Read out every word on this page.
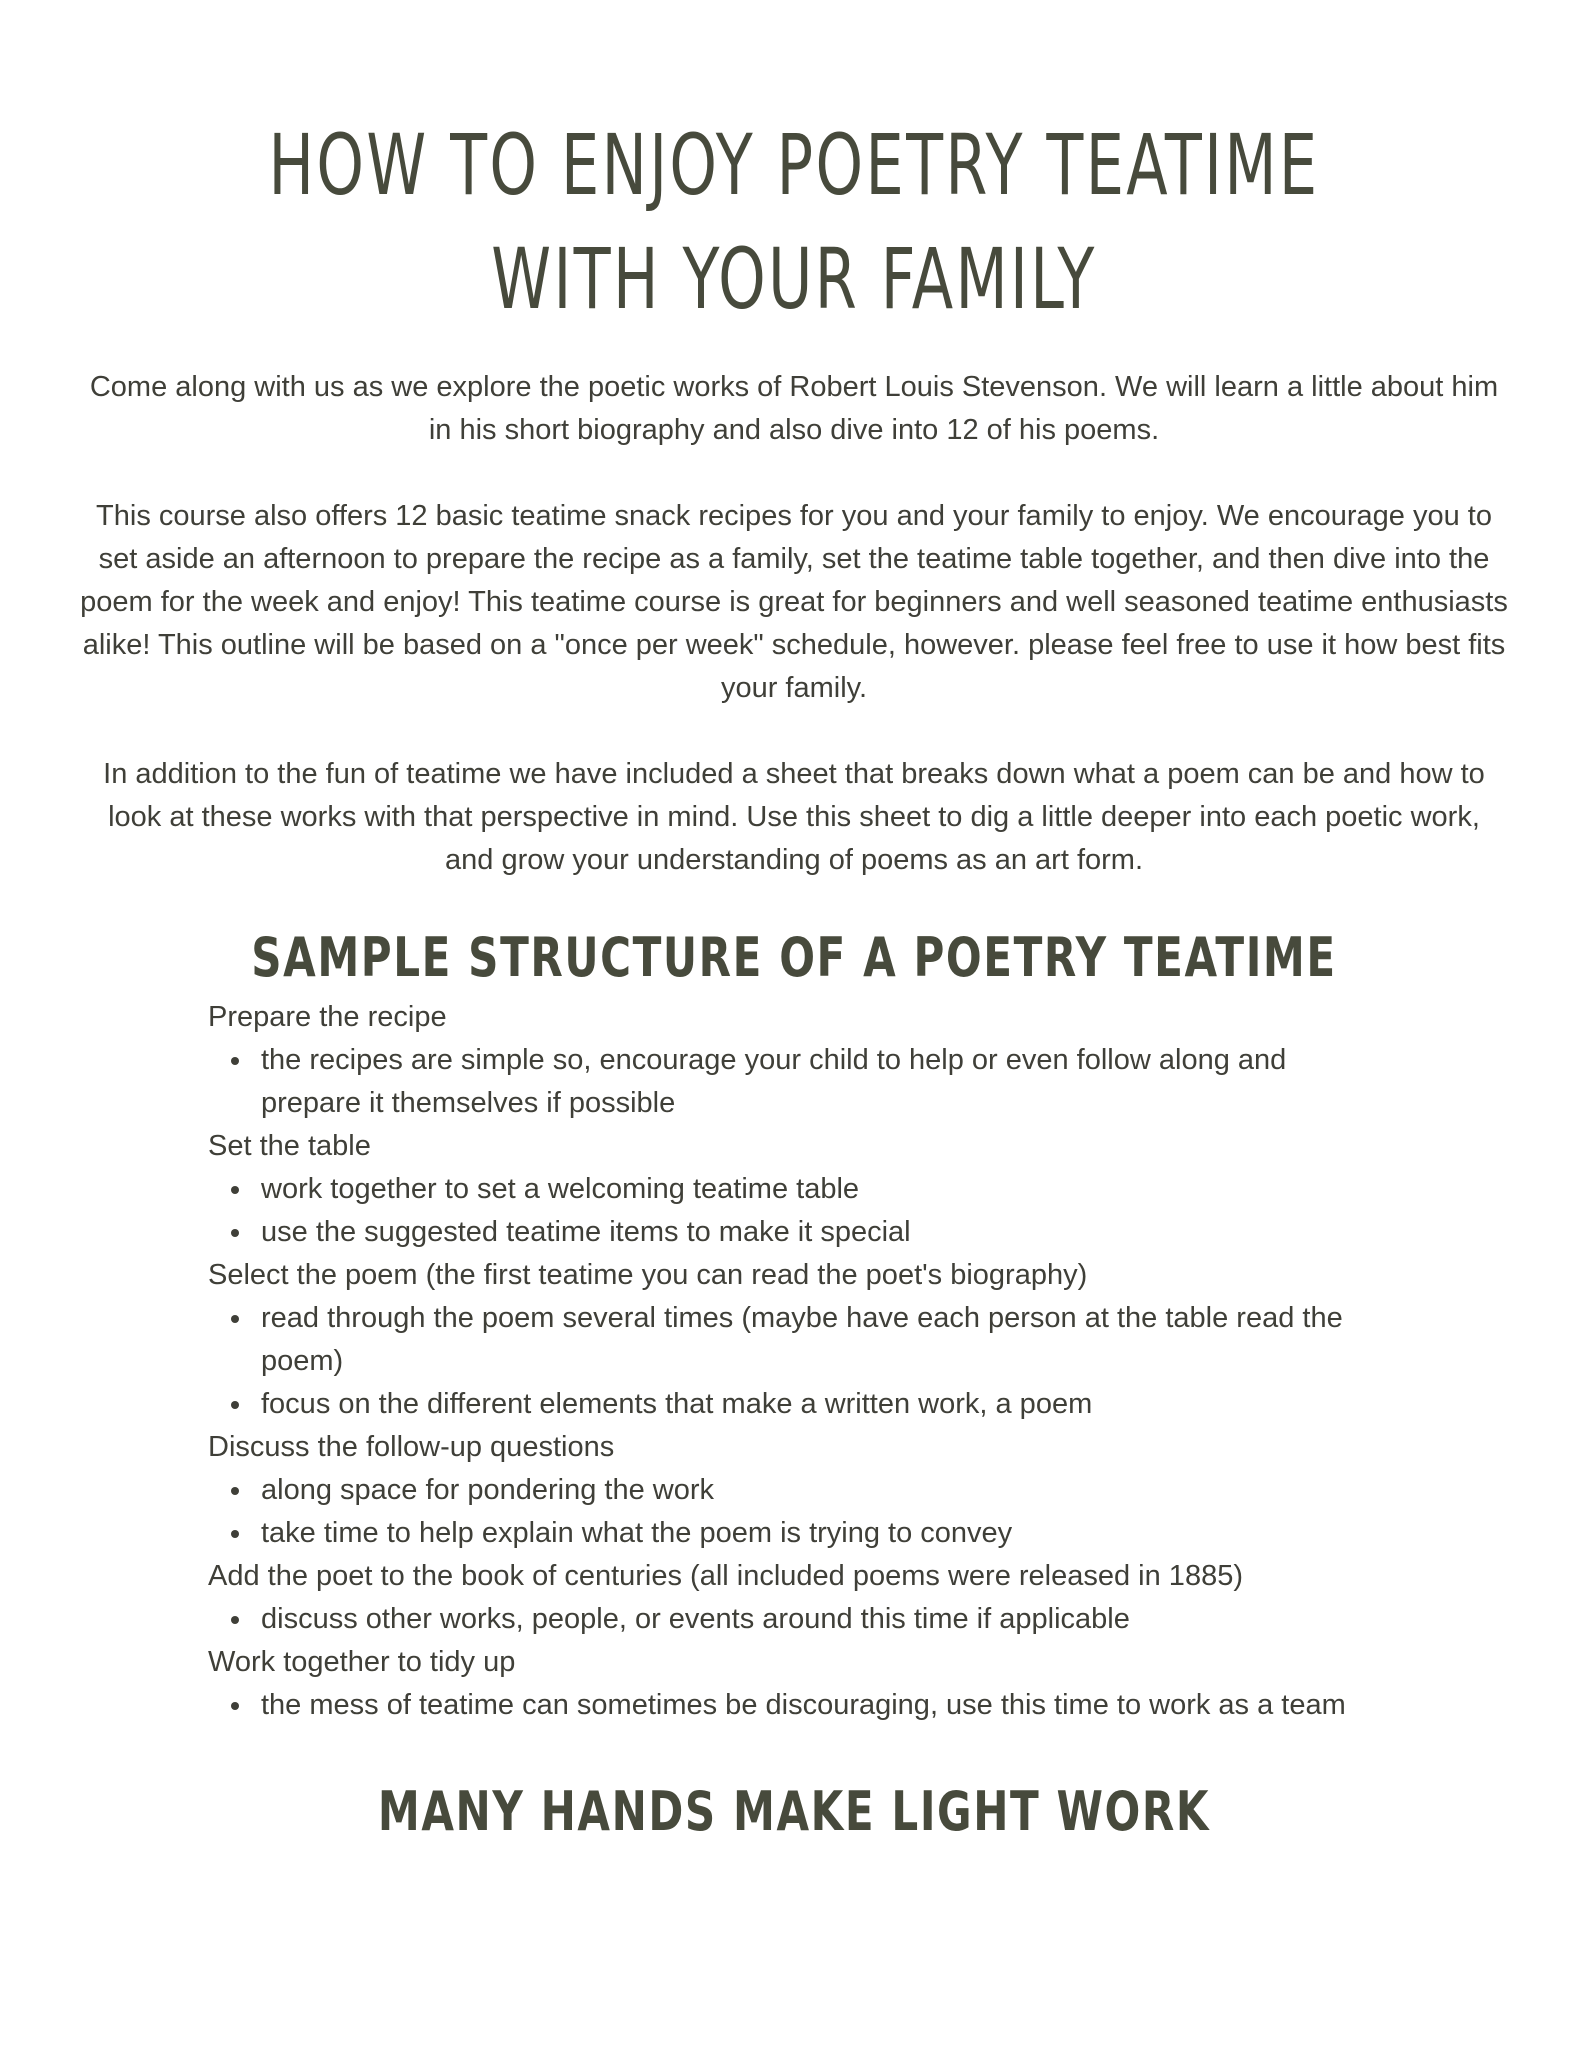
HOW TO ENJOY POETRY TEATIME
WITH YOUR FAMILY

Come along with us as we explore the poetic works of Robert Louis Stevenson. We will learn a little about him in his short biography and also dive into 12 of his poems.

This course also offers 12 basic teatime snack recipes for you and your family to enjoy. We encourage you to set aside an afternoon to prepare the recipe as a family, set the teatime table together, and then dive into the poem for the week and enjoy! This teatime course is great for beginners and well seasoned teatime enthusiasts alike! This outline will be based on a "once per week" schedule, however. please feel free to use it how best fits your family.

In addition to the fun of teatime we have included a sheet that breaks down what a poem can be and how to look at these works with that perspective in mind. Use this sheet to dig a little deeper into each poetic work, and grow your understanding of poems as an art form.

SAMPLE STRUCTURE OF A POETRY TEATIME

Prepare the recipe

the recipes are simple so, encourage your child to help or even follow along and prepare it themselves if possible

Set the table

work together to set a welcoming teatime table
use the suggested teatime items to make it special

Select the poem (the first teatime you can read the poet's biography)

read through the poem several times (maybe have each person at the table read the poem)
focus on the different elements that make a written work, a poem

Discuss the follow-up questions

along space for pondering the work
take time to help explain what the poem is trying to convey

Add the poet to the book of centuries (all included poems were released in 1885)

discuss other works, people, or events around this time if applicable

Work together to tidy up

the mess of teatime can sometimes be discouraging, use this time to work as a team
MANY HANDS MAKE LIGHT WORK
